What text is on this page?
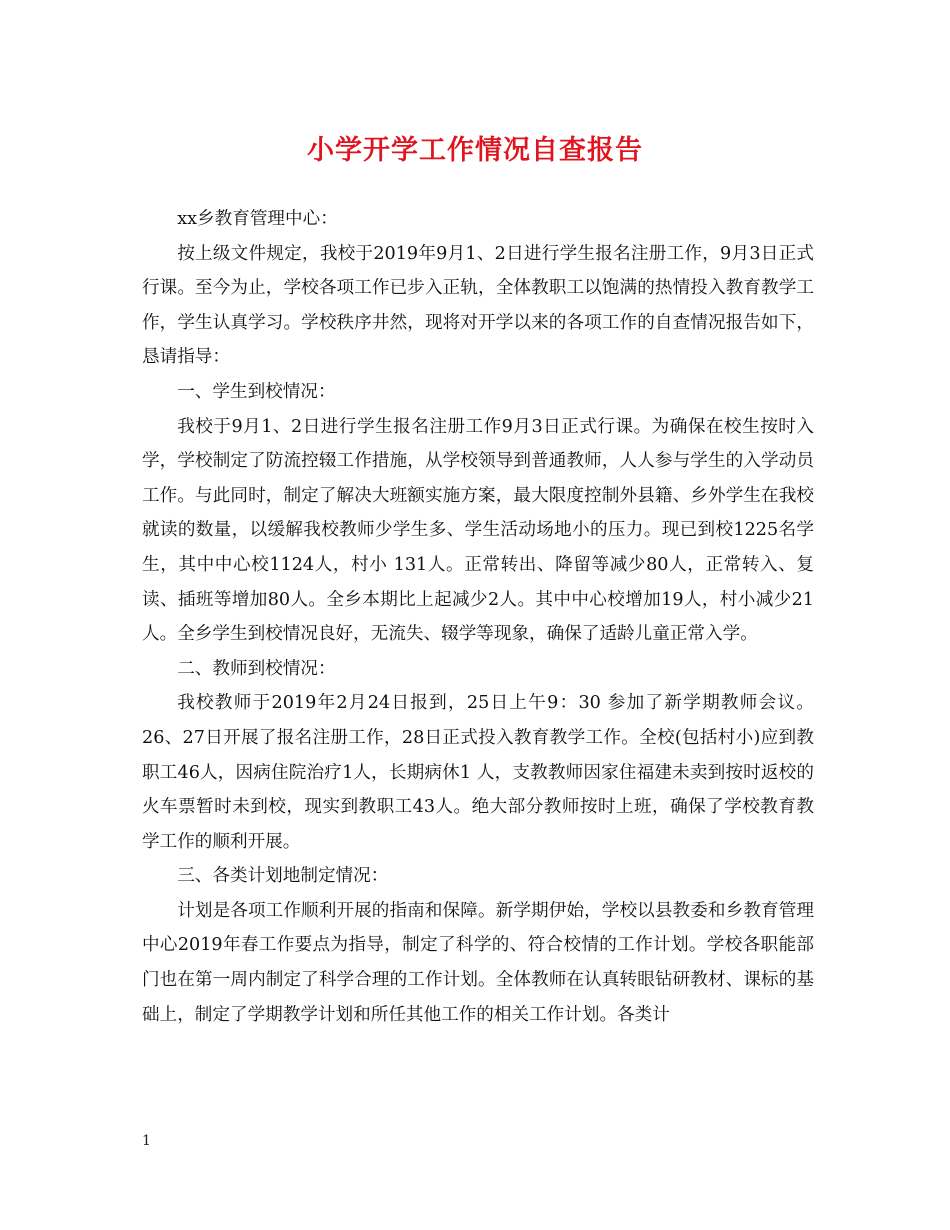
小学开学工作情况自查报告

xx乡教育管理中心：

按上级文件规定，我校于2019年9月1、2日进行学生报名注册工作，9月3日正式行课。至今为止，学校各项工作已步入正轨，全体教职工以饱满的热情投入教育教学工作，学生认真学习。学校秩序井然，现将对开学以来的各项工作的自查情况报告如下，恳请指导：

一、学生到校情况：

我校于9月1、2日进行学生报名注册工作9月3日正式行课。为确保在校生按时入学，学校制定了防流控辍工作措施，从学校领导到普通教师，人人参与学生的入学动员工作。与此同时，制定了解决大班额实施方案，最大限度控制外县籍、乡外学生在我校就读的数量，以缓解我校教师少学生多、学生活动场地小的压力。现已到校1225名学生，其中中心校1124人，村小 131人。正常转出、降留等减少80人，正常转入、复读、插班等增加80人。全乡本期比上起减少2人。其中中心校增加19人，村小减少21人。全乡学生到校情况良好，无流失、辍学等现象，确保了适龄儿童正常入学。

二、教师到校情况：

我校教师于2019年2月24日报到，25日上午9：30 参加了新学期教师会议。26、27日开展了报名注册工作，28日正式投入教育教学工作。全校(包括村小)应到教职工46人，因病住院治疗1人，长期病休1 人，支教教师因家住福建未卖到按时返校的火车票暂时未到校，现实到教职工43人。绝大部分教师按时上班，确保了学校教育教学工作的顺利开展。

三、各类计划地制定情况：

计划是各项工作顺利开展的指南和保障。新学期伊始，学校以县教委和乡教育管理中心2019年春工作要点为指导，制定了科学的、符合校情的工作计划。学校各职能部门也在第一周内制定了科学合理的工作计划。全体教师在认真转眼钻研教材、课标的基础上，制定了学期教学计划和所任其他工作的相关工作计划。各类计

1
